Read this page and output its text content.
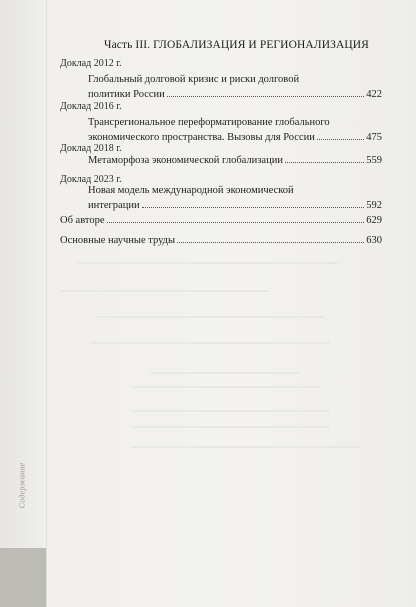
Часть III. ГЛОБАЛИЗАЦИЯ И РЕГИОНАЛИЗАЦИЯ
Доклад 2012 г.
Глобальный долговой кризис и риски долговой
политики России	422
Доклад 2016 г.
Трансрегиональное переформатирование глобального
экономического пространства. Вызовы для России	475
Доклад 2018 г.
Метаморфоза экономической глобализации	559
Доклад 2023 г.
Новая модель международной экономической
интеграции	592
Об авторе	629
Основные научные труды	630
Содержание
